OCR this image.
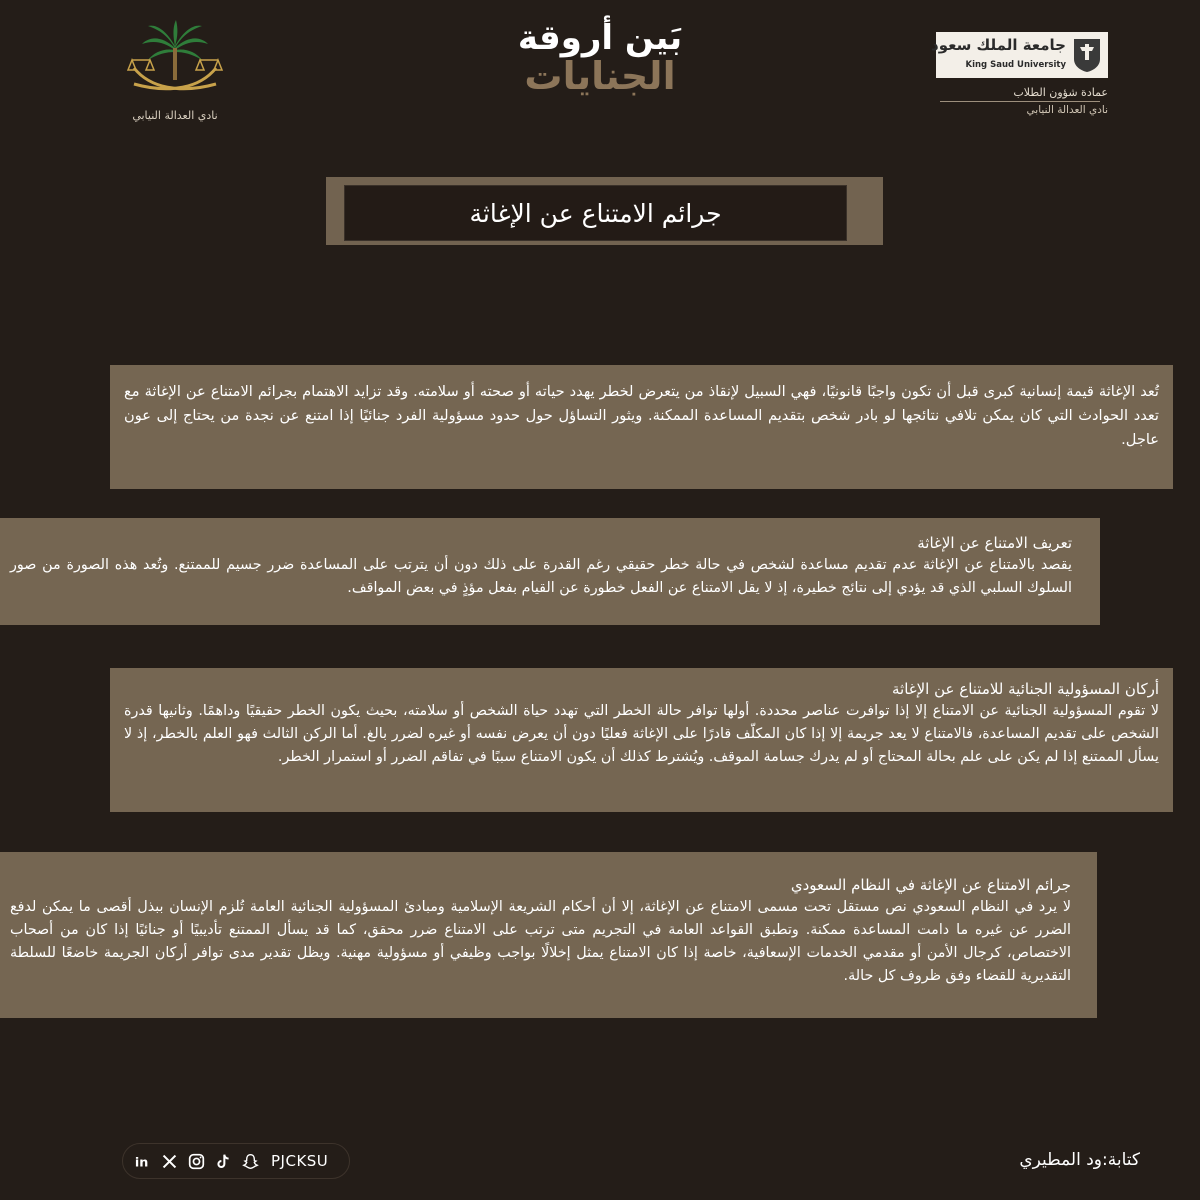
نادي العدالة النيابي
بَين أروقة
الجنايات
جامعة الملك سعود
King Saud University
عمادة شؤون الطلاب
نادي العدالة النيابي
جرائم الامتناع عن الإغاثة

تُعد الإغاثة قيمة إنسانية كبرى قبل أن تكون واجبًا قانونيًا، فهي السبيل لإنقاذ من يتعرض لخطر يهدد حياته أو صحته أو سلامته. وقد تزايد الاهتمام بجرائم الامتناع عن الإغاثة مع تعدد الحوادث التي كان يمكن تلافي نتائجها لو بادر شخص بتقديم المساعدة الممكنة. ويثور التساؤل حول حدود مسؤولية الفرد جنائيًا إذا امتنع عن نجدة من يحتاج إلى عون عاجل.

تعريف الامتناع عن الإغاثة

يقصد بالامتناع عن الإغاثة عدم تقديم مساعدة لشخص في حالة خطر حقيقي رغم القدرة على ذلك دون أن يترتب على المساعدة ضرر جسيم للممتنع. وتُعد هذه الصورة من صور السلوك السلبي الذي قد يؤدي إلى نتائج خطيرة، إذ لا يقل الامتناع عن الفعل خطورة عن القيام بفعل مؤذٍ في بعض المواقف.

أركان المسؤولية الجنائية للامتناع عن الإغاثة

لا تقوم المسؤولية الجنائية عن الامتناع إلا إذا توافرت عناصر محددة. أولها توافر حالة الخطر التي تهدد حياة الشخص أو سلامته، بحيث يكون الخطر حقيقيًا وداهمًا. وثانيها قدرة الشخص على تقديم المساعدة، فالامتناع لا يعد جريمة إلا إذا كان المكلّف قادرًا على الإغاثة فعليًا دون أن يعرض نفسه أو غيره لضرر بالغ. أما الركن الثالث فهو العلم بالخطر، إذ لا يسأل الممتنع إذا لم يكن على علم بحالة المحتاج أو لم يدرك جسامة الموقف. ويُشترط كذلك أن يكون الامتناع سببًا في تفاقم الضرر أو استمرار الخطر.

جرائم الامتناع عن الإغاثة في النظام السعودي

لا يرد في النظام السعودي نص مستقل تحت مسمى الامتناع عن الإغاثة، إلا أن أحكام الشريعة الإسلامية ومبادئ المسؤولية الجنائية العامة تُلزم الإنسان ببذل أقصى ما يمكن لدفع الضرر عن غيره ما دامت المساعدة ممكنة. وتطبق القواعد العامة في التجريم متى ترتب على الامتناع ضرر محقق، كما قد يسأل الممتنع تأديبيًا أو جنائيًا إذا كان من أصحاب الاختصاص، كرجال الأمن أو مقدمي الخدمات الإسعافية، خاصة إذا كان الامتناع يمثل إخلالًا بواجب وظيفي أو مسؤولية مهنية. ويظل تقدير مدى توافر أركان الجريمة خاضعًا للسلطة التقديرية للقضاء وفق ظروف كل حالة.

in	PJCKSU	كتابة:ود المطيري
